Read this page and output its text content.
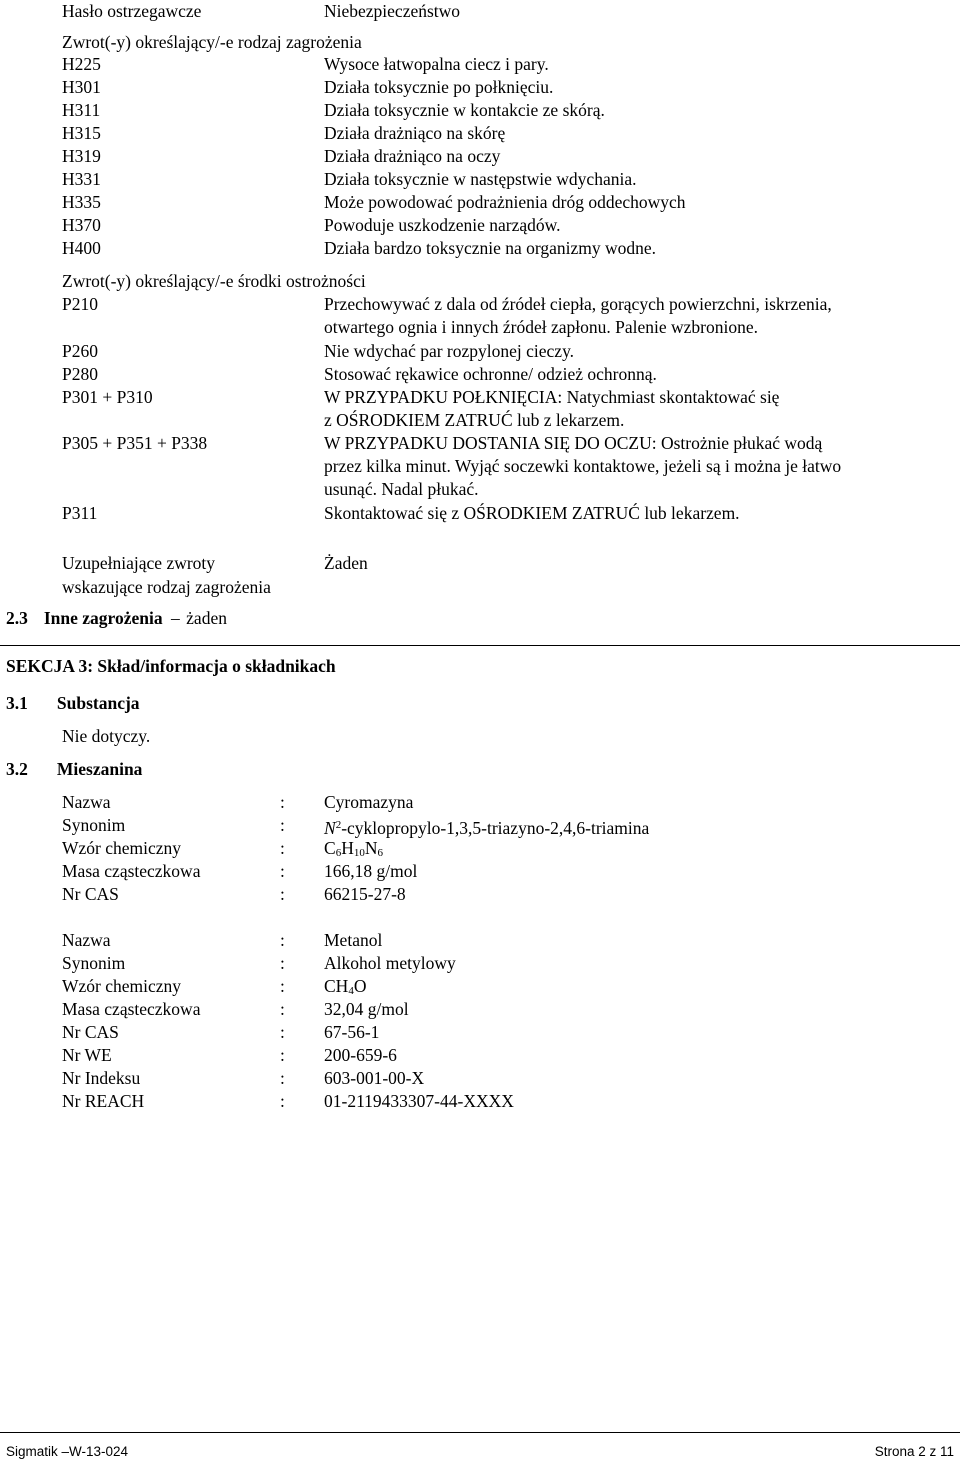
Hasło ostrzegawcze	Niebezpieczeństwo
Zwrot(-y) określający/-e rodzaj zagrożenia
H225	Wysoce łatwopalna ciecz i pary.
H301	Działa toksycznie po połknięciu.
H311	Działa toksycznie w kontakcie ze skórą.
H315	Działa drażniąco na skórę
H319	Działa drażniąco na oczy
H331	Działa toksycznie w następstwie wdychania.
H335	Może powodować podrażnienia dróg oddechowych
H370	Powoduje uszkodzenie narządów.
H400	Działa bardzo toksycznie na organizmy wodne.
Zwrot(-y) określający/-e środki ostrożności
P210	Przechowywać z dala od źródeł ciepła, gorących powierzchni, iskrzenia,
otwartego ognia i innych źródeł zapłonu. Palenie wzbronione.
P260	Nie wdychać par rozpylonej cieczy.
P280	Stosować rękawice ochronne/ odzież ochronną.
P301 + P310	W PRZYPADKU POŁKNIĘCIA: Natychmiast skontaktować się
z OŚRODKIEM ZATRUĆ lub z lekarzem.
P305 + P351 + P338	W PRZYPADKU DOSTANIA SIĘ DO OCZU: Ostrożnie płukać wodą
przez kilka minut. Wyjąć soczewki kontaktowe, jeżeli są i można je łatwo
usunąć. Nadal płukać.
P311	Skontaktować się z OŚRODKIEM ZATRUĆ lub lekarzem.
Uzupełniające zwroty
wskazujące rodzaj zagrożenia
Żaden
2.3 Inne zagrożenia – żaden
SEKCJA 3: Skład/informacja o składnikach
3.1 Substancja
Nie dotyczy.
3.2 Mieszanina
Nazwa	: Cyromazyna
Synonim	: $N^2-cyklopropylo-1,3,5-triazyno-2,4,6$-triamina
Wzór chemiczny	: $C_6H_{10}N_6$
Masa cząsteczkowa	: 166,18 g/mol
Nr CAS	: 66215-27-8
Nazwa	: Metanol
Synonim	: Alkohol metylowy
Wzór chemiczny	: $CH_4O$
Masa cząsteczkowa	: 32,04 g/mol
Nr CAS	: 67-56-1
Nr WE	: 200-659-6
Nr Indeksu	: 603-001-00-X
Nr REACH	: 01-2119433307-44-XXXX
Sigmatik –W-13-024	Strona 2 z 11
